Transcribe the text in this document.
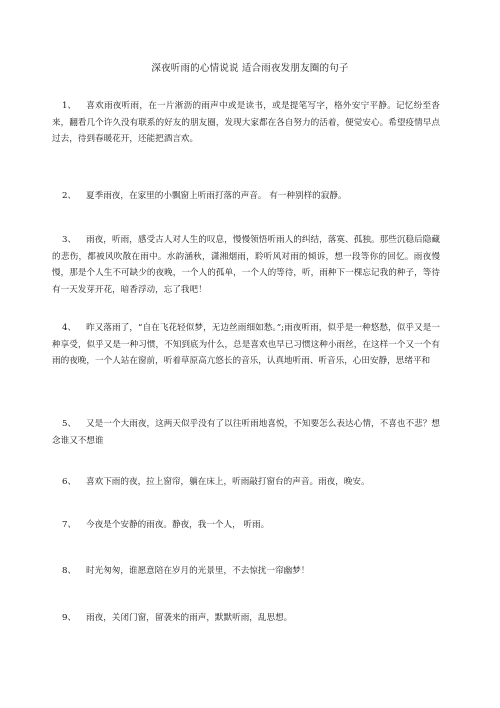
深夜听雨的心情说说 适合雨夜发朋友圈的句子

1、 喜欢雨夜听雨，在一片淅沥的雨声中或是读书，或是提笔写字，格外安宁平静。记忆纷至沓来，翻看几个许久没有联系的好友的朋友圈，发现大家都在各自努力的活着，便觉安心。希望疫情早点过去，待到春暖花开，还能把酒言欢。

2、 夏季雨夜，在家里的小飘窗上听雨打落的声音。 有一种别样的寂静。

3、 雨夜，听雨，感受古人对人生的叹息，慢慢领悟听雨人的纠结，落寞、孤独。那些沉稳后隐藏的悲伤，都被风吹散在雨中。水韵涵秋，潇湘烟雨，聆听风对雨的倾诉，想一段等你的回忆。雨夜慢慢，那是个人生不可缺少的夜晚，一个人的孤单，一个人的等待，听，雨种下一棵忘记我的种子，等待有一天发芽开花，暗香浮动，忘了我吧！

4、 昨又落雨了，“自在飞花轻似梦，无边丝雨细如愁。”;雨夜听雨，似乎是一种悠愁，似乎又是一种享受，似乎又是一种习惯，不知到底为什么，总是喜欢也早已习惯这种小雨丝，在这样一个又一个有雨的夜晚，一个人站在窗前，听着草原高亢悠长的音乐，认真地听雨、听音乐，心田安静，思绪平和

5、 又是一个大雨夜，这两天似乎没有了以往听雨地喜悦，不知要怎么表达心情，不喜也不悲？想念谁又不想谁

6、 喜欢下雨的夜，拉上窗帘，躺在床上，听雨敲打窗台的声音。雨夜，晚安。

7、 今夜是个安静的雨夜。静夜，我一个人， 听雨。

8、 时光匆匆，谁愿意陪在岁月的光景里，不去惊扰一帘幽梦！

9、 雨夜，关闭门窗，留袭来的雨声，默默听雨，乱思想。
